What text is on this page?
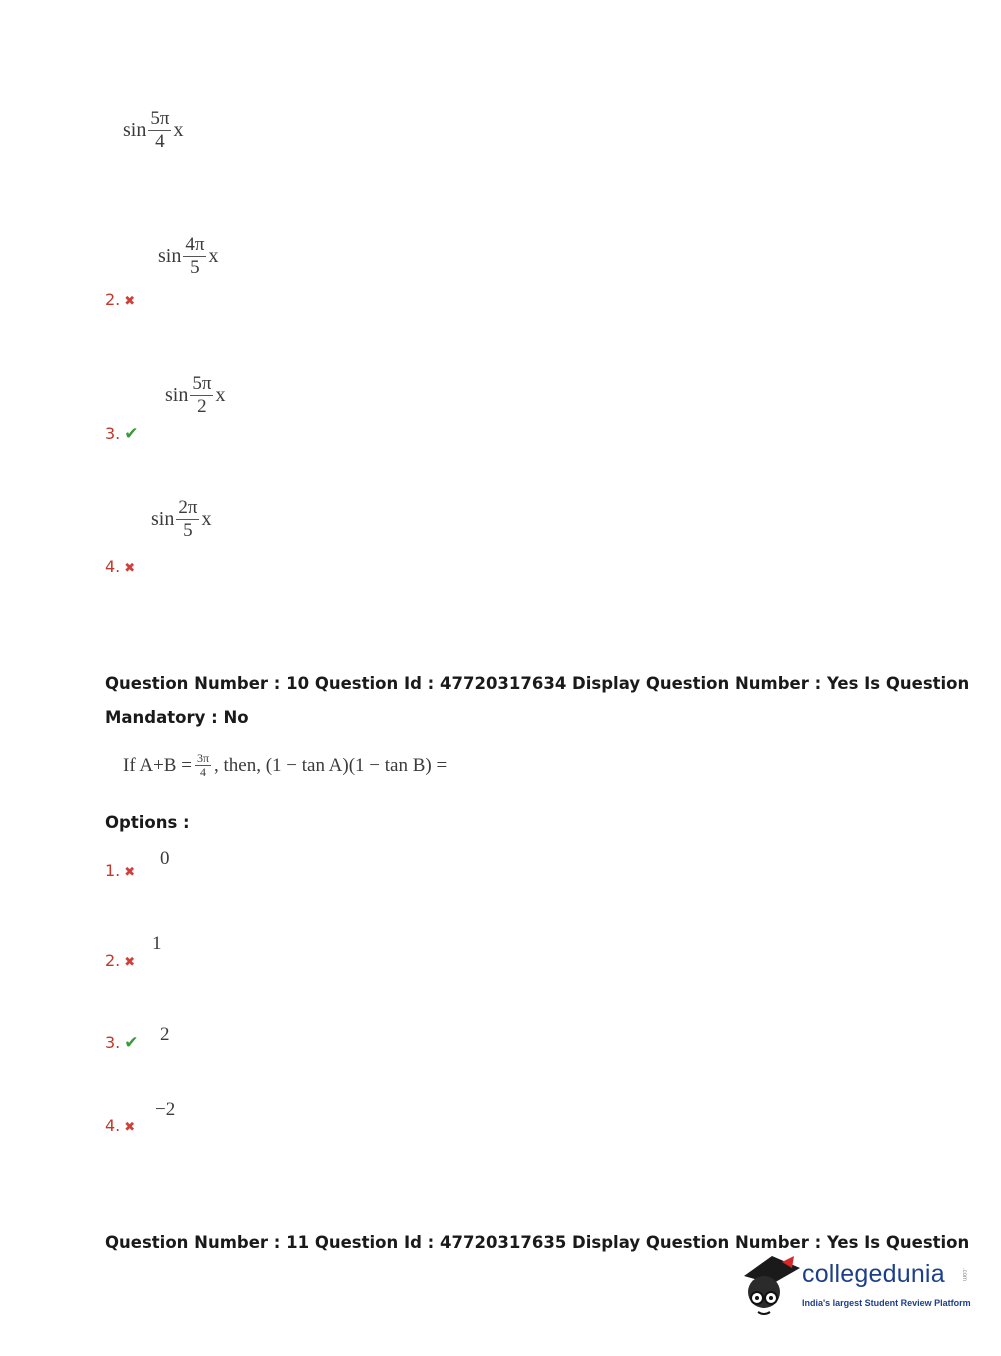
$\sin \frac{5\pi}{4}$ x
2. ✖
$\sin \frac{4\pi}{5}$ x
3. ✔
$\sin \frac{5\pi}{2}$ x
4. ✖
$\sin \frac{2\pi}{5}$ x
Question Number : 10 Question Id : 47720317634 Display Question Number : Yes Is Question
Mandatory : No
If $A+B = \frac{3\pi}{4}$ , then, (1 − tan A)(1 − tan B) =
Options :
1. ✖
0
2. ✖
1
3. ✔ 2
4. ✖
−2
Question Number : 11 Question Id : 47720317635 Display Question Number : Yes Is Question
collegedunia	.com
India's largest Student Review Platform
